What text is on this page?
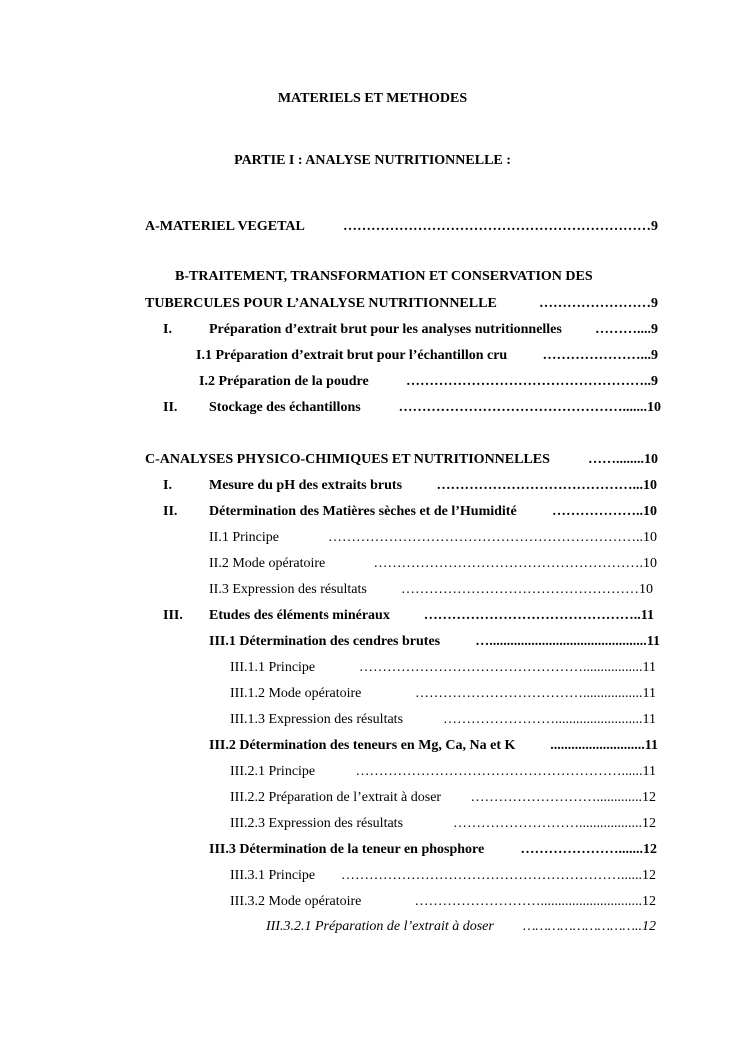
MATERIELS ET METHODES
PARTIE I : ANALYSE NUTRITIONNELLE :
A-MATERIEL VEGETAL	…………………………………………………………9
B-TRAITEMENT, TRANSFORMATION ET CONSERVATION DES
TUBERCULES POUR L’ANALYSE NUTRITIONNELLE	……………………9
I.	Préparation d’extrait brut pour les analyses nutritionnelles	………....9
I.1 Préparation d’extrait brut pour l’échantillon cru	…………………...9
I.2 Préparation de la poudre	……………………………………………..9
II. Stockage des échantillons	………………………………………….......10
C-ANALYSES PHYSICO-CHIMIQUES ET NUTRITIONNELLES	……........10
I.	Mesure du pH des extraits bruts	……………………………………...10
II. Détermination des Matières sèches et de l’Humidité	………………..10
II.1 Principe	…………………………………………………………..10
II.2 Mode opératoire	………………………………………………….10
II.3 Expression des résultats	……………………………………………10
III. Etudes des éléments minéraux	………………………………………..11
III.1 Détermination des cendres brutes	….............................................11
III.1.1 Principe	………………………………………….................11
III.1.2 Mode opératoire	……………………………….................11
III.1.3 Expression des résultats	…………………….........................11
III.2 Détermination des teneurs en Mg, Ca, Na et K	...........................11
III.2.1 Principe	…………………………………………………......11
III.2.2 Préparation de l’extrait à doser	……………………….............12
III.2.3 Expression des résultats	………………………..................12
III.3 Détermination de la teneur en phosphore	………………….......12
III.3.1 Principe	……………………………………………………......12
III.3.2 Mode opératoire	……………………….............................12
III.3.2.1 Préparation de l’extrait à doser	………………………..12
